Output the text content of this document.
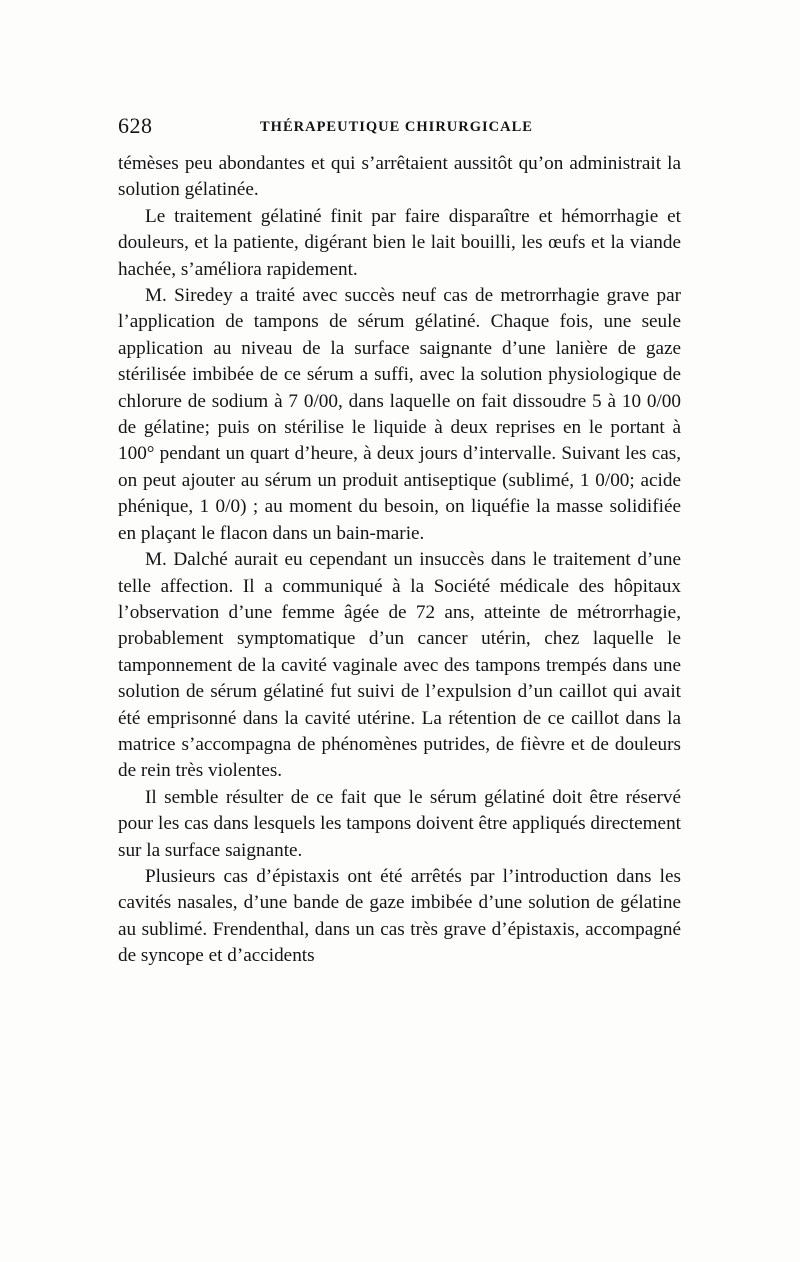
628	THÉRAPEUTIQUE CHIRURGICALE

témèses peu abondantes et qui s’arrêtaient aussitôt qu’on administrait la solution gélatinée.

Le traitement gélatiné finit par faire disparaître et hémorrhagie et douleurs, et la patiente, digérant bien le lait bouilli, les œufs et la viande hachée, s’améliora rapidement.

M. Siredey a traité avec succès neuf cas de metrorrhagie grave par l’application de tampons de sérum gélatiné. Chaque fois, une seule application au niveau de la surface saignante d’une lanière de gaze stérilisée imbibée de ce sérum a suffi, avec la solution physiologique de chlorure de sodium à 7 0/00, dans laquelle on fait dissoudre 5 à 10 0/00 de gélatine; puis on stérilise le liquide à deux reprises en le portant à 100° pendant un quart d’heure, à deux jours d’intervalle. Suivant les cas, on peut ajouter au sérum un produit antiseptique (sublimé, 1 0/00; acide phénique, 1 0/0) ; au moment du besoin, on liquéfie la masse solidifiée en plaçant le flacon dans un bain-marie.

M. Dalché aurait eu cependant un insuccès dans le traitement d’une telle affection. Il a communiqué à la Société médicale des hôpitaux l’observation d’une femme âgée de 72 ans, atteinte de métrorrhagie, probablement symptomatique d’un cancer utérin, chez laquelle le tamponnement de la cavité vaginale avec des tampons trempés dans une solution de sérum gélatiné fut suivi de l’expulsion d’un caillot qui avait été emprisonné dans la cavité utérine. La rétention de ce caillot dans la matrice s’accompagna de phénomènes putrides, de fièvre et de douleurs de rein très violentes.

Il semble résulter de ce fait que le sérum gélatiné doit être réservé pour les cas dans lesquels les tampons doivent être appliqués directement sur la surface saignante.

Plusieurs cas d’épistaxis ont été arrêtés par l’introduction dans les cavités nasales, d’une bande de gaze imbibée d’une solution de gélatine au sublimé. Frendenthal, dans un cas très grave d’épistaxis, accompagné de syncope et d’accidents
